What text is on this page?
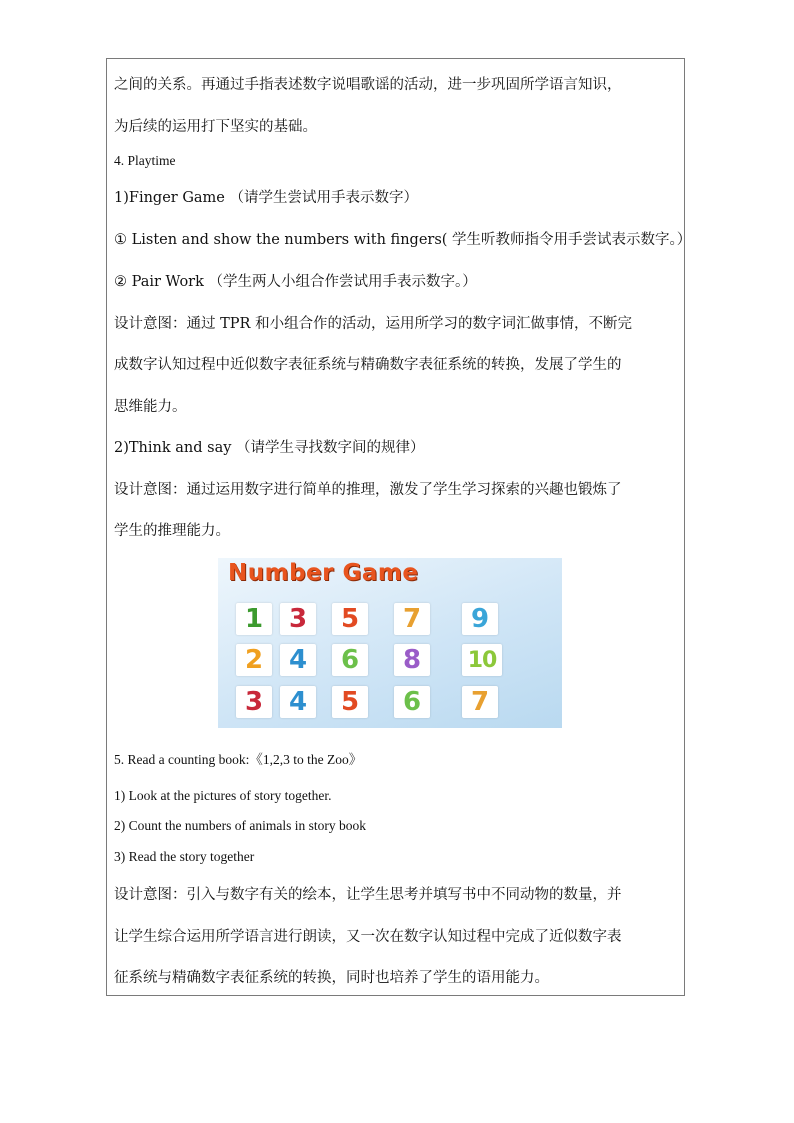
之间的关系。再通过手指表述数字说唱歌谣的活动，进一步巩固所学语言知识，
为后续的运用打下坚实的基础。
4. Playtime
1)Finger Game （请学生尝试用手表示数字）
① Listen and show the numbers with fingers( 学生听教师指令用手尝试表示数字。）
② Pair Work （学生两人小组合作尝试用手表示数字。）
设计意图：通过 TPR 和小组合作的活动，运用所学习的数字词汇做事情，不断完
成数字认知过程中近似数字表征系统与精确数字表征系统的转换，发展了学生的
思维能力。
2)Think and say （请学生寻找数字间的规律）
设计意图：通过运用数字进行简单的推理，激发了学生学习探索的兴趣也锻炼了
学生的推理能力。
Number Game
1 3	5	7	9
2 4	6	8	10
3 4	5	6	7
5. Read a counting book:《1,2,3 to the Zoo》
1) Look at the pictures of story together.
2) Count the numbers of animals in story book
3) Read the story together
设计意图：引入与数字有关的绘本，让学生思考并填写书中不同动物的数量，并
让学生综合运用所学语言进行朗读，又一次在数字认知过程中完成了近似数字表
征系统与精确数字表征系统的转换，同时也培养了学生的语用能力。
